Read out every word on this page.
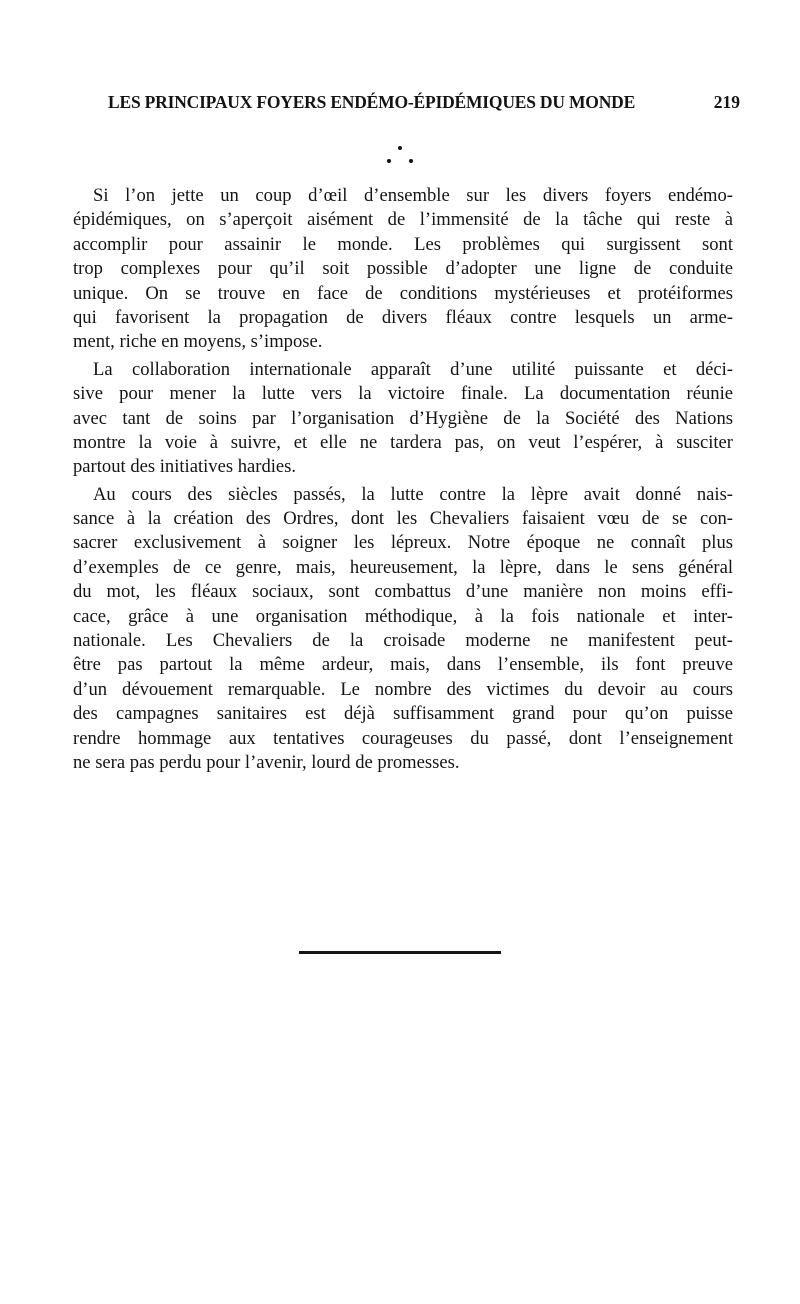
LES PRINCIPAUX FOYERS ENDÉMO-ÉPIDÉMIQUES DU MONDE	219
Si l’on jette un coup d’œil d’ensemble sur les divers foyers endémo-
épidémiques, on s’aperçoit aisément de l’immensité de la tâche qui reste à
accomplir pour assainir le monde. Les problèmes qui surgissent sont
trop complexes pour qu’il soit possible d’adopter une ligne de conduite
unique. On se trouve en face de conditions mystérieuses et protéiformes
qui favorisent la propagation de divers fléaux contre lesquels un arme-
ment, riche en moyens, s’impose.
La collaboration internationale apparaît d’une utilité puissante et déci-
sive pour mener la lutte vers la victoire finale. La documentation réunie
avec tant de soins par l’organisation d’Hygiène de la Société des Nations
montre la voie à suivre, et elle ne tardera pas, on veut l’espérer, à susciter
partout des initiatives hardies.
Au cours des siècles passés, la lutte contre la lèpre avait donné nais-
sance à la création des Ordres, dont les Chevaliers faisaient vœu de se con-
sacrer exclusivement à soigner les lépreux. Notre époque ne connaît plus
d’exemples de ce genre, mais, heureusement, la lèpre, dans le sens général
du mot, les fléaux sociaux, sont combattus d’une manière non moins effi-
cace, grâce à une organisation méthodique, à la fois nationale et inter-
nationale. Les Chevaliers de la croisade moderne ne manifestent peut-
être pas partout la même ardeur, mais, dans l’ensemble, ils font preuve
d’un dévouement remarquable. Le nombre des victimes du devoir au cours
des campagnes sanitaires est déjà suffisamment grand pour qu’on puisse
rendre hommage aux tentatives courageuses du passé, dont l’enseignement
ne sera pas perdu pour l’avenir, lourd de promesses.
